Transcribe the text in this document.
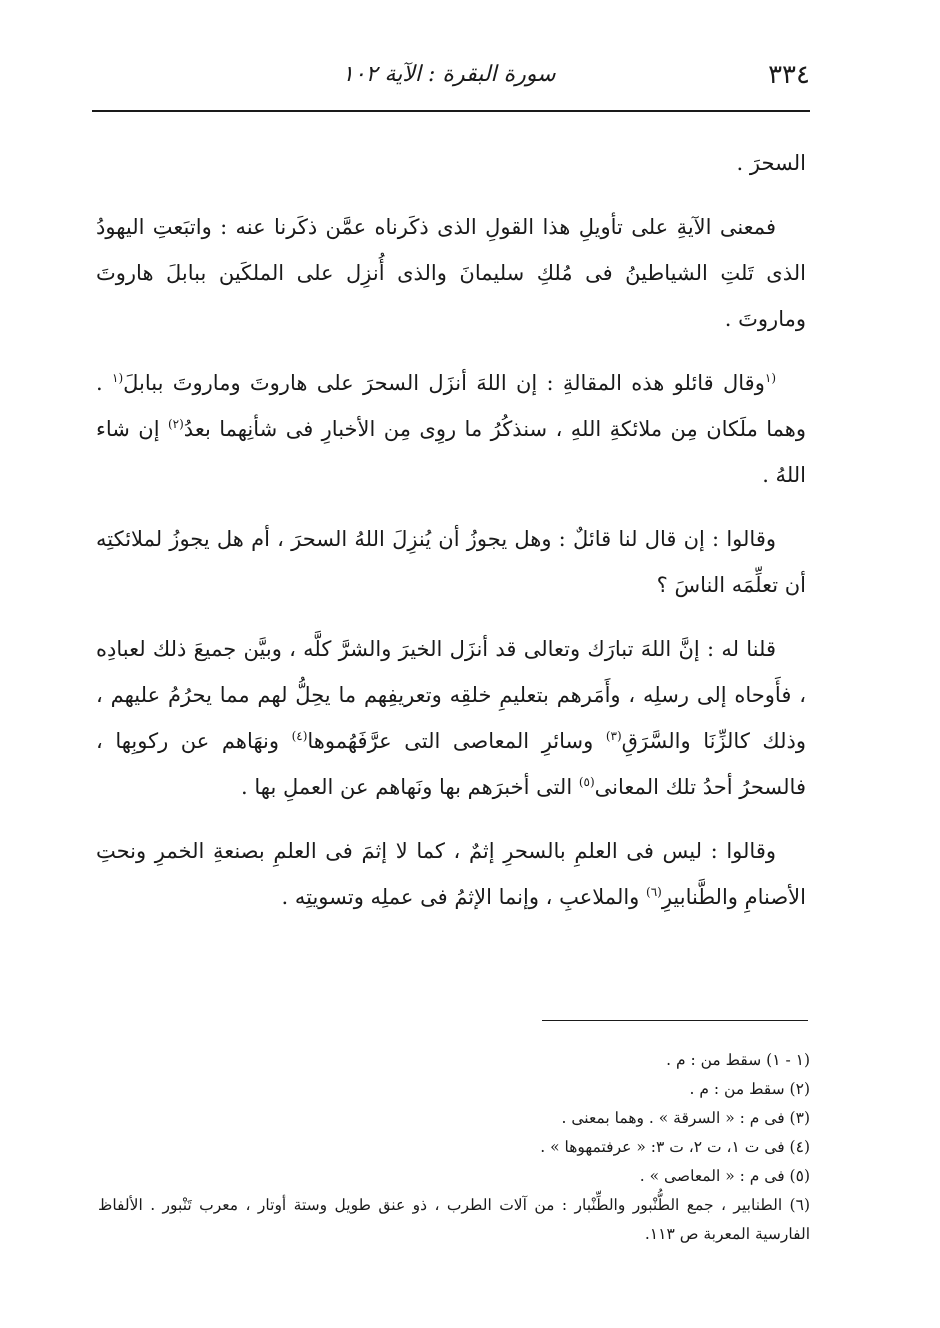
٣٣٤
سورة البقرة : الآية ١٠٢

السحرَ .

فمعنى الآيةِ على تأويلِ هذا القولِ الذى ذكَرناه عمَّن ذكَرنا عنه : واتبَعتِ اليهودُ الذى تَلتِ الشياطينُ فى مُلكِ سليمانَ والذى أُنزِل على الملكَين ببابلَ هاروتَ وماروتَ .

$^{(١}$وقال قائلو هذه المقالةِ : إن اللهَ أنزَل السحرَ على هاروتَ وماروتَ ببابلَ$^{(١}$ . وهما ملَكان مِن ملائكةِ اللهِ ، سنذكُرُ ما روِى مِن الأخبارِ فى شأنِهما بعدُ$^{(٢)}$ إن شاء اللهُ .

وقالوا : إن قال لنا قائلٌ : وهل يجوزُ أن يُنزِلَ اللهُ السحرَ ، أم هل يجوزُ لملائكتِه أن تعلِّمَه الناسَ ؟

قلنا له : إنَّ اللهَ تبارَك وتعالى قد أنزَل الخيرَ والشرَّ كلَّه ، وبيَّن جميعَ ذلك لعبادِه ، فأَوحاه إلى رسلِه ، وأَمَرهم بتعليمِ خلقِه وتعريفِهم ما يحِلُّ لهم مما يحرُمُ عليهم ، وذلك كالزِّنَا والسَّرَقِ$^{(٣)}$ وسائرِ المعاصى التى عرَّفَهُموها$^{(٤)}$ ونهَاهم عن ركوبِها ، فالسحرُ أحدُ تلك المعانى$^{(٥)}$ التى أخبرَهم بها ونَهاهم عن العملِ بها .

وقالوا : ليس فى العلمِ بالسحرِ إثمٌ ، كما لا إثمَ فى العلمِ بصنعةِ الخمرِ ونحتِ الأصنامِ والطَّنابيرِ$^{(٦)}$ والملاعبِ ، وإنما الإثمُ فى عملِه وتسويتِه .

(١ - ١) سقط من : م .
(٢) سقط من : م .
(٣) فى م : « السرقة » . وهما بمعنى .
(٤) فى ت ١، ت ٢، ت ٣: « عرفتمهوها » .
(٥) فى م : « المعاصى » .
(٦) الطنابير ، جمع الطُّنْبور والطِّنْبار : من آلات الطرب ، ذو عنق طويل وستة أوتار ، معرب تَنْبور . الألفاظ الفارسية المعربة ص ١١٣.
